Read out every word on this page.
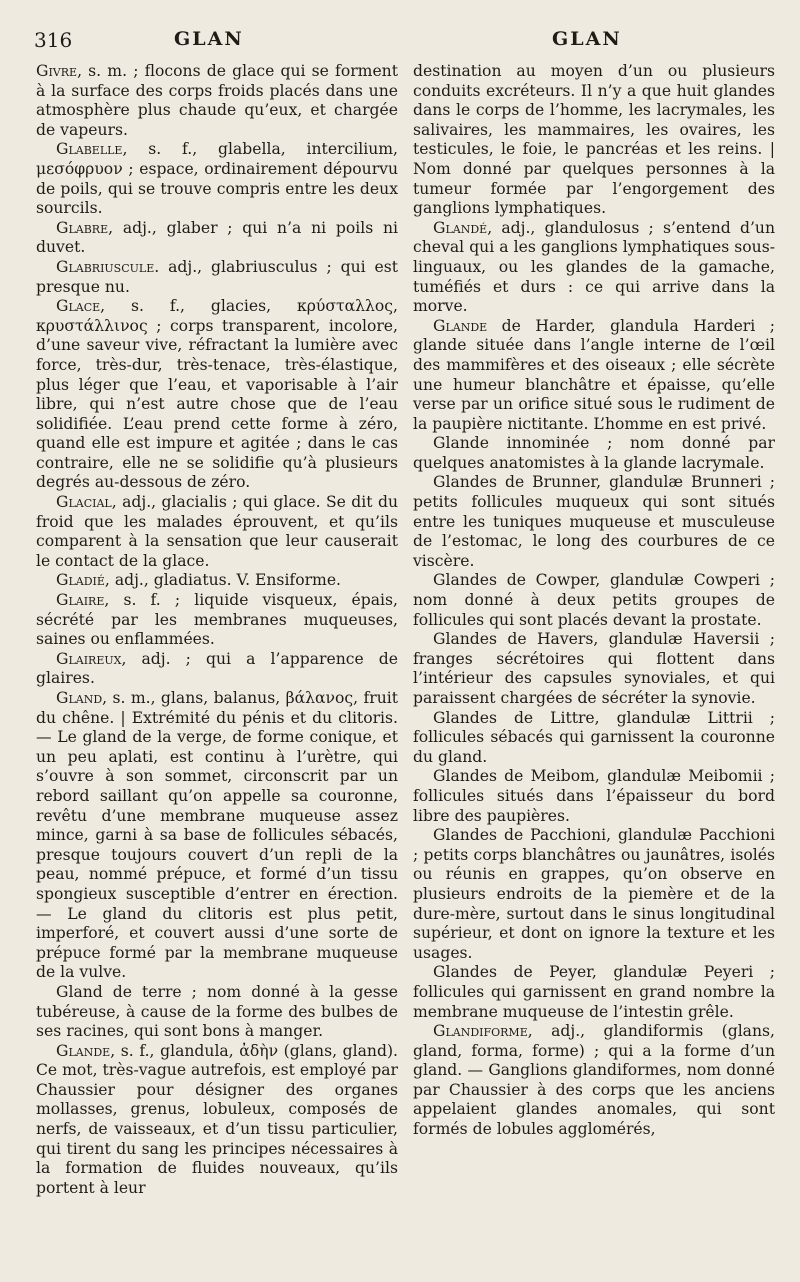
316	GLAN	GLAN

Givre, s. m. ; flocons de glace qui se forment à la surface des corps froids placés dans une atmosphère plus chaude qu’eux, et chargée de vapeurs.

Glabelle, s. f., glabella, intercilium, μεσόφρυον ; espace, ordinairement dépourvu de poils, qui se trouve compris entre les deux sourcils.

Glabre, adj., glaber ; qui n’a ni poils ni duvet.

Glabriuscule. adj., glabriusculus ; qui est presque nu.

Glace, s. f., glacies, κρύσταλλος, κρυστάλλινος ; corps transparent, incolore, d’une saveur vive, réfractant la lumière avec force, très-dur, très-tenace, très-élastique, plus léger que l’eau, et vaporisable à l’air libre, qui n’est autre chose que de l’eau solidifiée. L’eau prend cette forme à zéro, quand elle est impure et agitée ; dans le cas contraire, elle ne se solidifie qu’à plusieurs degrés au-dessous de zéro.

Glacial, adj., glacialis ; qui glace. Se dit du froid que les malades éprouvent, et qu’ils comparent à la sensation que leur causerait le contact de la glace.

Gladié, adj., gladiatus. V. Ensiforme.

Glaire, s. f. ; liquide visqueux, épais, sécrété par les membranes muqueuses, saines ou enflammées.

Glaireux, adj. ; qui a l’apparence de glaires.

Gland, s. m., glans, balanus, βάλανος, fruit du chêne. | Extrémité du pénis et du clitoris. — Le gland de la verge, de forme conique, et un peu aplati, est continu à l’urètre, qui s’ouvre à son sommet, circonscrit par un rebord saillant qu’on appelle sa couronne, revêtu d’une membrane muqueuse assez mince, garni à sa base de follicules sébacés, presque toujours couvert d’un repli de la peau, nommé prépuce, et formé d’un tissu spongieux susceptible d’entrer en érection. — Le gland du clitoris est plus petit, imperforé, et couvert aussi d’une sorte de prépuce formé par la membrane muqueuse de la vulve.

Gland de terre ; nom donné à la gesse tubéreuse, à cause de la forme des bulbes de ses racines, qui sont bons à manger.

Glande, s. f., glandula, ἀδὴν (glans, gland). Ce mot, très-vague autrefois, est employé par Chaussier pour désigner des organes mollasses, grenus, lobuleux, composés de nerfs, de vaisseaux, et d’un tissu particulier, qui tirent du sang les principes nécessaires à la formation de fluides nouveaux, qu’ils portent à leur

destination au moyen d’un ou plusieurs conduits excréteurs. Il n’y a que huit glandes dans le corps de l’homme, les lacrymales, les salivaires, les mammaires, les ovaires, les testicules, le foie, le pancréas et les reins. | Nom donné par quelques personnes à la tumeur formée par l’engorgement des ganglions lymphatiques.

Glandé, adj., glandulosus ; s’entend d’un cheval qui a les ganglions lymphatiques sous-linguaux, ou les glandes de la gamache, tuméfiés et durs : ce qui arrive dans la morve.

Glande de Harder, glandula Harderi ; glande située dans l’angle interne de l’œil des mammifères et des oiseaux ; elle sécrète une humeur blanchâtre et épaisse, qu’elle verse par un orifice situé sous le rudiment de la paupière nictitante. L’homme en est privé.

Glande innominée ; nom donné par quelques anatomistes à la glande lacrymale.

Glandes de Brunner, glandulæ Brunneri ; petits follicules muqueux qui sont situés entre les tuniques muqueuse et musculeuse de l’estomac, le long des courbures de ce viscère.

Glandes de Cowper, glandulæ Cowperi ; nom donné à deux petits groupes de follicules qui sont placés devant la prostate.

Glandes de Havers, glandulæ Haversii ; franges sécrétoires qui flottent dans l’intérieur des capsules synoviales, et qui paraissent chargées de sécréter la synovie.

Glandes de Littre, glandulæ Littrii ; follicules sébacés qui garnissent la couronne du gland.

Glandes de Meibom, glandulæ Meibomii ; follicules situés dans l’épaisseur du bord libre des paupières.

Glandes de Pacchioni, glandulæ Pacchioni ; petits corps blanchâtres ou jaunâtres, isolés ou réunis en grappes, qu’on observe en plusieurs endroits de la piemère et de la dure-mère, surtout dans le sinus longitudinal supérieur, et dont on ignore la texture et les usages.

Glandes de Peyer, glandulæ Peyeri ; follicules qui garnissent en grand nombre la membrane muqueuse de l’intestin grêle.

Glandiforme, adj., glandiformis (glans, gland, forma, forme) ; qui a la forme d’un gland. — Ganglions glandiformes, nom donné par Chaussier à des corps que les anciens appelaient glandes anomales, qui sont formés de lobules agglomérés,
